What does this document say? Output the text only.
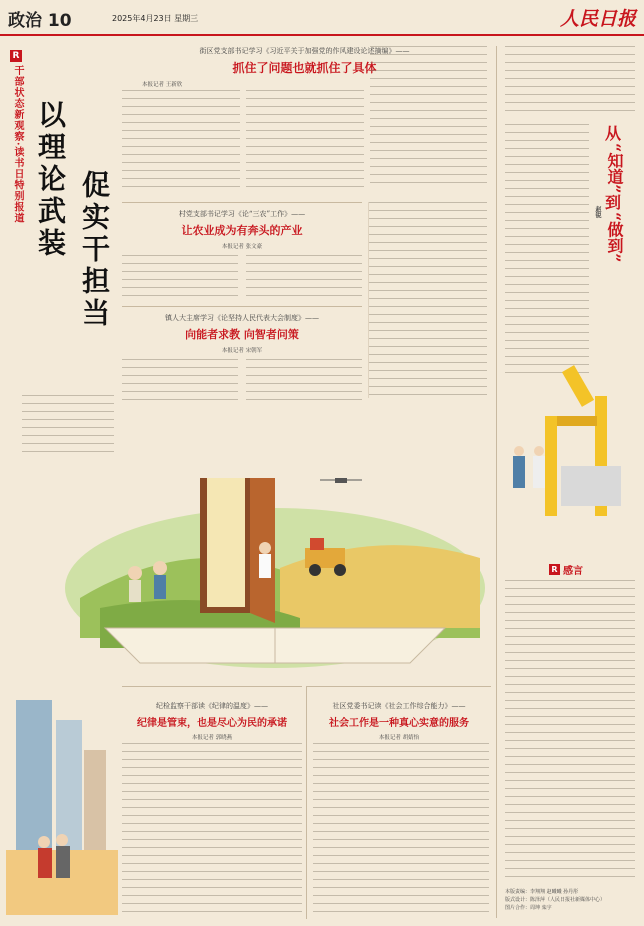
政治 10	2025年4月23日 星期三	人民日报
R
干部状态新观察·读书日特别报道 以理论武装 促实干担当
街区党支部书记学习《习近平关于加强党的作风建设论述摘编》——
抓住了问题也就抓住了具体
本报记者 王新欣
村党支部书记学习《论“三农”工作》——
让农业成为有奔头的产业
本报记者 张文豪
镇人大主席学习《论坚持人民代表大会制度》——
向能者求教 向智者问策
本报记者 宋朝军
纪检监察干部读《纪律的温度》——
纪律是管束，也是尽心为民的承诺
本报记者 郭晓燕
社区党委书记读《社会工作综合能力》——
社会工作是一种真心实意的服务
本报记者 胡婧怡
从
“知道”
到
“做到”
赵锐
R 感言
本版责编：李翔翔 赵曦曦 孙丹彤
版式设计：陈泽萍（人民日报社新媒体中心）
图片合作：周坤 栾宇
